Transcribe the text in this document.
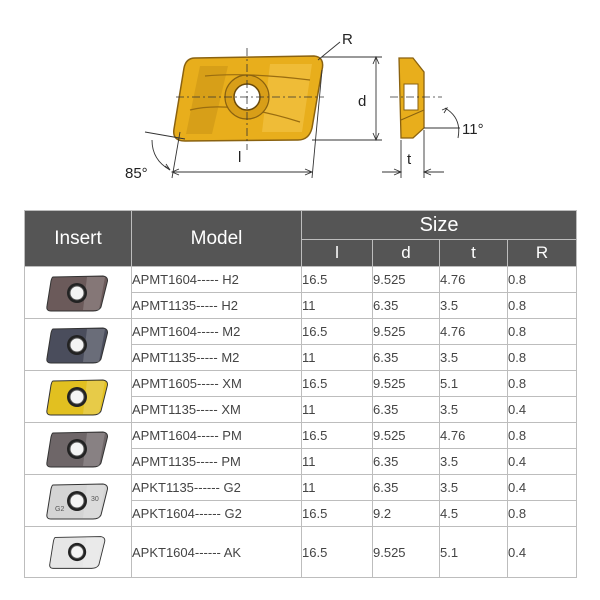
R
d
l
85°
t
11°
Insert	Model	Size			
		l	d	t	R

	APMT1604----- H2	16.5	9.525	4.76	0.8
	APMT1135----- H2	11	6.35	3.5	0.8

	APMT1604----- M2	16.5	9.525	4.76	0.8
	APMT1135----- M2	11	6.35	3.5	0.8

	APMT1605----- XM	16.5	9.525	5.1	0.8
	APMT1135----- XM	11	6.35	3.5	0.4

	APMT1604----- PM	16.5	9.525	4.76	0.8
	APMT1135----- PM	11	6.35	3.5	0.4

G2
30	APKT1135------ G2	11	6.35	3.5	0.4
	APKT1604------ G2	16.5	9.2	4.5	0.8

	APKT1604------ AK	16.5	9.525	5.1	0.4
